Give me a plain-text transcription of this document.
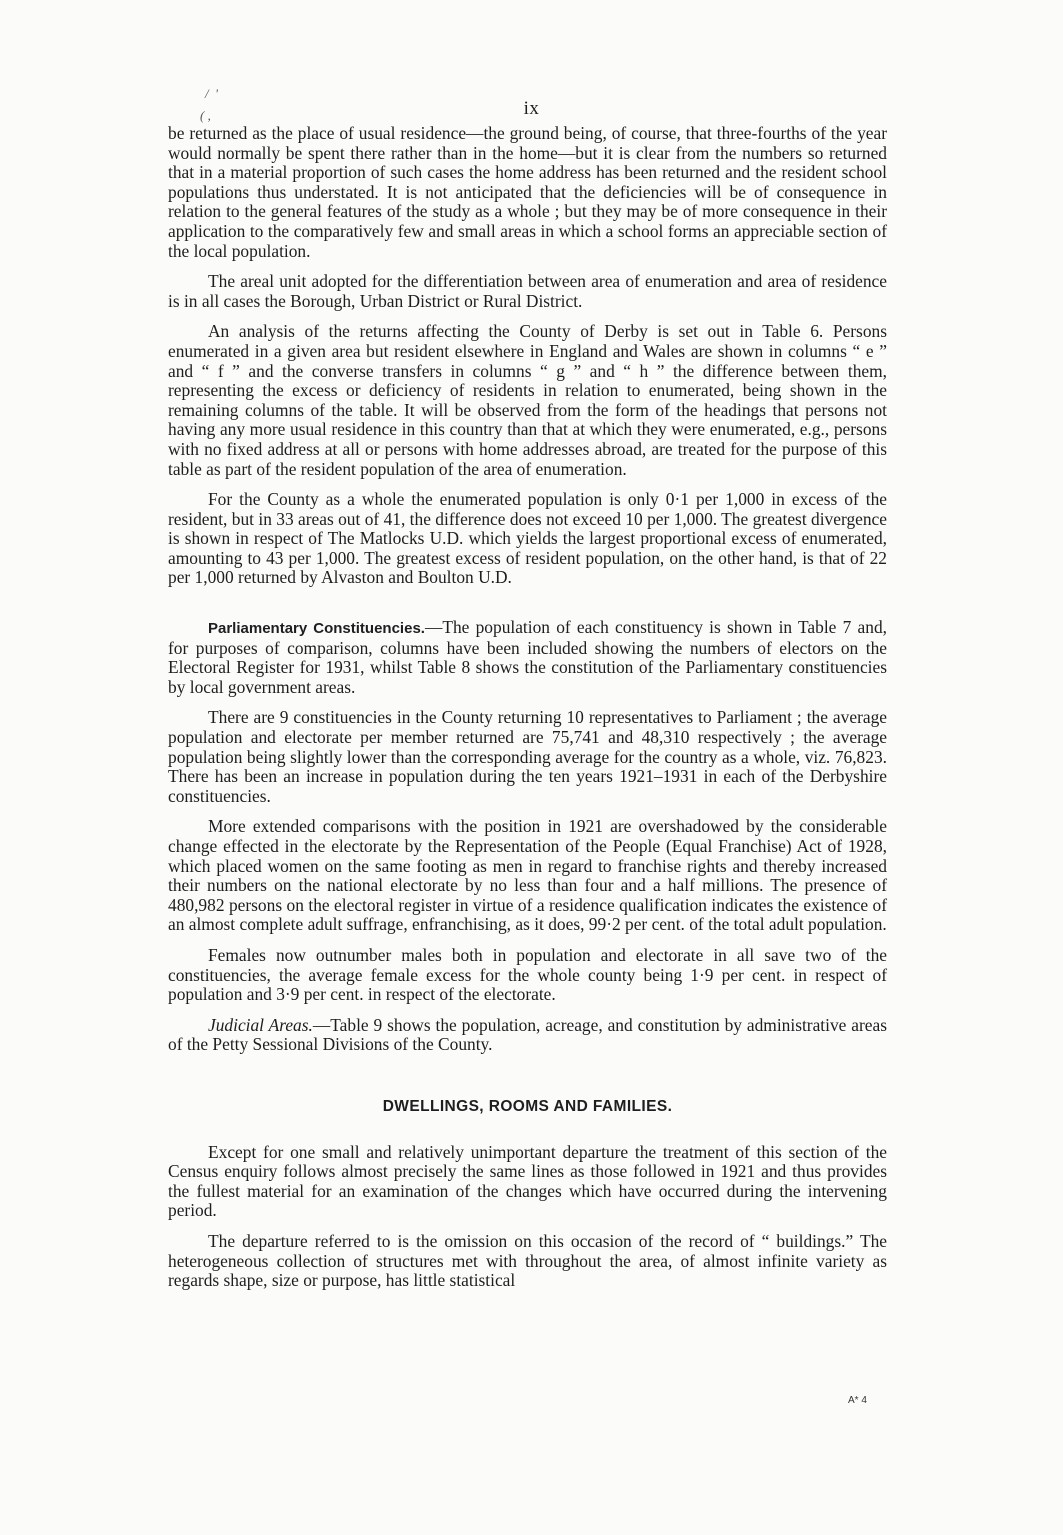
/  '
( ,	ix

be returned as the place of usual residence—the ground being, of course, that three-fourths of the year would normally be spent there rather than in the home—but it is clear from the numbers so returned that in a material proportion of such cases the home address has been returned and the resident school populations thus understated. It is not anticipated that the deficiencies will be of consequence in relation to the general features of the study as a whole ; but they may be of more consequence in their application to the comparatively few and small areas in which a school forms an appreciable section of the local population.

The areal unit adopted for the differentiation between area of enumeration and area of residence is in all cases the Borough, Urban District or Rural District.

An analysis of the returns affecting the County of Derby is set out in Table 6. Persons enumerated in a given area but resident elsewhere in England and Wales are shown in columns “ e ” and “ f ” and the converse transfers in columns “ g ” and “ h ” the difference between them, representing the excess or deficiency of residents in relation to enumerated, being shown in the remaining columns of the table. It will be observed from the form of the headings that persons not having any more usual residence in this country than that at which they were enumerated, e.g., persons with no fixed address at all or persons with home addresses abroad, are treated for the purpose of this table as part of the resident population of the area of enumeration.

For the County as a whole the enumerated population is only 0·1 per 1,000 in excess of the resident, but in 33 areas out of 41, the difference does not exceed 10 per 1,000. The greatest divergence is shown in respect of The Matlocks U.D. which yields the largest proportional excess of enumerated, amounting to 43 per 1,000. The greatest excess of resident population, on the other hand, is that of 22 per 1,000 returned by Alvaston and Boulton U.D.

Parliamentary Constituencies.—The population of each constituency is shown in Table 7 and, for purposes of comparison, columns have been included showing the numbers of electors on the Electoral Register for 1931, whilst Table 8 shows the constitution of the Parliamentary constituencies by local government areas.

There are 9 constituencies in the County returning 10 representatives to Parliament ; the average population and electorate per member returned are 75,741 and 48,310 respectively ; the average population being slightly lower than the corresponding average for the country as a whole, viz. 76,823. There has been an increase in population during the ten years 1921–1931 in each of the Derbyshire constituencies.

More extended comparisons with the position in 1921 are overshadowed by the considerable change effected in the electorate by the Representation of the People (Equal Franchise) Act of 1928, which placed women on the same footing as men in regard to franchise rights and thereby increased their numbers on the national electorate by no less than four and a half millions. The presence of 480,982 persons on the electoral register in virtue of a residence qualification indicates the existence of an almost complete adult suffrage, enfranchising, as it does, 99·2 per cent. of the total adult population.

Females now outnumber males both in population and electorate in all save two of the constituencies, the average female excess for the whole county being 1·9 per cent. in respect of population and 3·9 per cent. in respect of the electorate.

Judicial Areas.—Table 9 shows the population, acreage, and constitution by administrative areas of the Petty Sessional Divisions of the County.

DWELLINGS, ROOMS AND FAMILIES.

Except for one small and relatively unimportant departure the treatment of this section of the Census enquiry follows almost precisely the same lines as those followed in 1921 and thus provides the fullest material for an examination of the changes which have occurred during the intervening period.

The departure referred to is the omission on this occasion of the record of “ buildings.” The heterogeneous collection of structures met with throughout the area, of almost infinite variety as regards shape, size or purpose, has little statistical

A* 4
